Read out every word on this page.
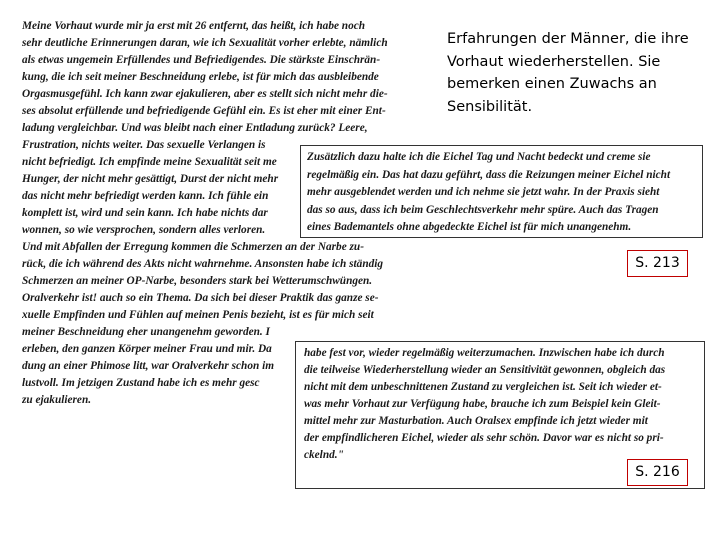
Meine Vorhaut wurde mir ja erst mit 26 entfernt, das heißt, ich habe noch
sehr deutliche Erinnerungen daran, wie ich Sexualität vorher erlebte, nämlich
als etwas ungemein Erfüllendes und Befriedigendes. Die stärkste Einschrän-
kung, die ich seit meiner Beschneidung erlebe, ist für mich das ausbleibende
Orgasmusgefühl. Ich kann zwar ejakulieren, aber es stellt sich nicht mehr die-
ses absolut erfüllende und befriedigende Gefühl ein. Es ist eher mit einer Ent-
ladung vergleichbar. Und was bleibt nach einer Entladung zurück? Leere,
Frustration, nichts weiter. Das sexuelle Verlangen is
nicht befriedigt. Ich empfinde meine Sexualität seit me
Hunger, der nicht mehr gesättigt, Durst der nicht mehr
das nicht mehr befriedigt werden kann. Ich fühle ein
komplett ist, wird und sein kann. Ich habe nichts dar
wonnen, so wie versprochen, sondern alles verloren.
Und mit Abfallen der Erregung kommen die Schmerzen an der Narbe zu-
rück, die ich während des Akts nicht wahrnehme. Ansonsten habe ich ständig
Schmerzen an meiner OP-Narbe, besonders stark bei Wetterumschwüngen.
Oralverkehr ist! auch so ein Thema. Da sich bei dieser Praktik das ganze se-
xuelle Empfinden und Fühlen auf meinen Penis bezieht, ist es für mich seit
meiner Beschneidung eher unangenehm geworden. I
erleben, den ganzen Körper meiner Frau und mir. Da
dung an einer Phimose litt, war Oralverkehr schon im
lustvoll. Im jetzigen Zustand habe ich es mehr gesc
zu ejakulieren.
Erfahrungen der Männer, die ihre Vorhaut wiederherstellen. Sie bemerken einen Zuwachs an Sensibilität.
Zusätzlich dazu halte ich die Eichel Tag und Nacht bedeckt und creme sie
regelmäßig ein. Das hat dazu geführt, dass die Reizungen meiner Eichel nicht
mehr ausgeblendet werden und ich nehme sie jetzt wahr. In der Praxis sieht
das so aus, dass ich beim Geschlechtsverkehr mehr spüre. Auch das Tragen
eines Bademantels ohne abgedeckte Eichel ist für mich unangenehm.
S. 213
habe fest vor, wieder regelmäßig weiterzumachen. Inzwischen habe ich durch
die teilweise Wiederherstellung wieder an Sensitivität gewonnen, obgleich das
nicht mit dem unbeschnittenen Zustand zu vergleichen ist. Seit ich wieder et-
was mehr Vorhaut zur Verfügung habe, brauche ich zum Beispiel kein Gleit-
mittel mehr zur Masturbation. Auch Oralsex empfinde ich jetzt wieder mit
der empfindlicheren Eichel, wieder als sehr schön. Davor war es nicht so pri-
ckelnd."
S. 216
